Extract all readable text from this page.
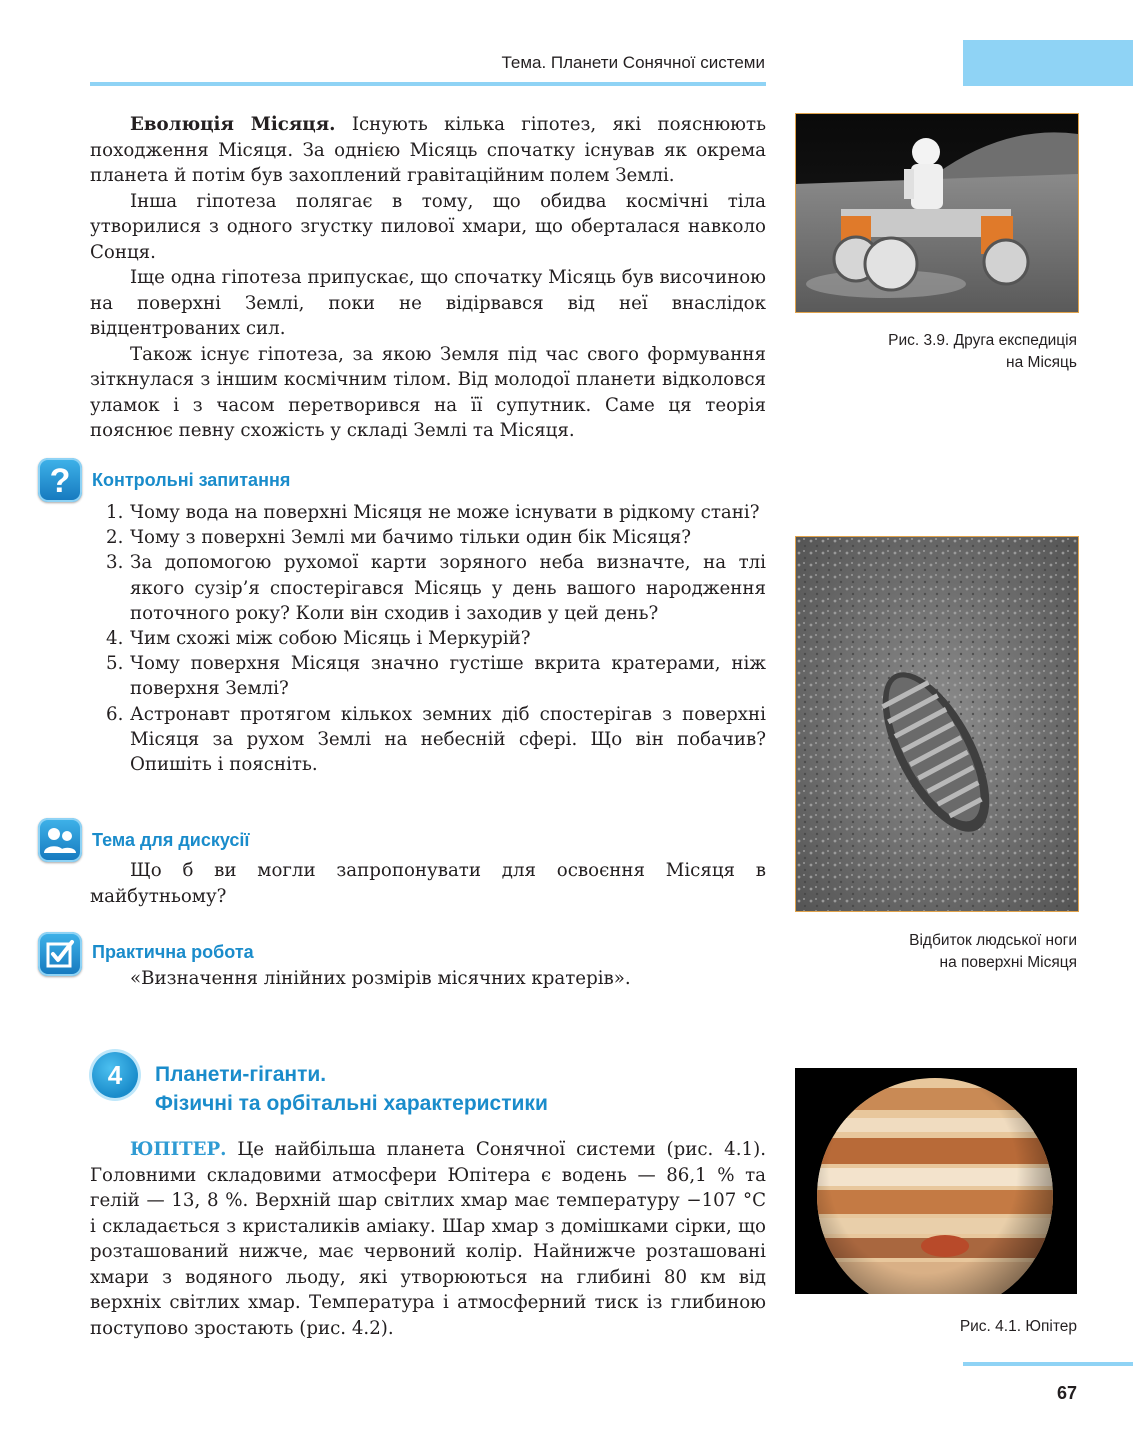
Тема. Планети Сонячної системи

Еволюція Місяця. Існують кілька гіпотез, які пояснюють походження Місяця. За однією Місяць спочатку існував як окрема планета й потім був захоплений гравітаційним полем Землі.

Інша гіпотеза полягає в тому, що обидва космічні тіла утворилися з одного згустку пилової хмари, що оберталася навколо Сонця.

Іще одна гіпотеза припускає, що спочатку Місяць був височиною на поверхні Землі, поки не відірвався від неї внаслідок відцентрованих сил.

Також існує гіпотеза, за якою Земля під час свого формування зіткнулася з іншим космічним тілом. Від молодої планети відколовся уламок і з часом перетворився на її супутник. Саме ця теорія пояснює певну схожість у складі Землі та Місяця.

? Контрольні запитання
1. Чому вода на поверхні Місяця не може існувати в рідкому стані?
2. Чому з поверхні Землі ми бачимо тільки один бік Місяця?
3. За допомогою рухомої карти зоряного неба визначте, на тлі якого сузір’я спостерігався Місяць у день вашого народження поточного року? Коли він сходив і заходив у цей день?
4. Чим схожі між собою Місяць і Меркурій?
5. Чому поверхня Місяця значно густіше вкрита кратерами, ніж поверхня Землі?
6. Астронавт протягом кількох земних діб спостерігав з поверхні Місяця за рухом Землі на небесній сфері. Що він побачив? Опишіть і поясніть.
Тема для дискусії

Що б ви могли запропонувати для освоєння Місяця в майбутньому?

Практична робота

«Визначення лінійних розмірів місячних кратерів».

4	Планети-гіганти.
Фізичні та орбітальні характеристики

ЮПІТЕР. Це найбільша планета Сонячної системи (рис. 4.1). Головними складовими атмосфери Юпітера є водень — 86,1 % та гелій — 13, 8 %. Верхній шар світлих хмар має температуру −107 °С і складається з кристаликів аміаку. Шар хмар з домішками сірки, що розташований нижче, має червоний колір. Найнижче розташовані хмари з водяного льоду, які утворюються на глибині 80 км від верхніх світлих хмар. Температура і атмосферний тиск із глибиною поступово зростають (рис. 4.2).

Рис. 3.9. Друга експедиція
на Місяць
Відбиток людської ноги
на поверхні Місяця
Рис. 4.1. Юпітер
67
